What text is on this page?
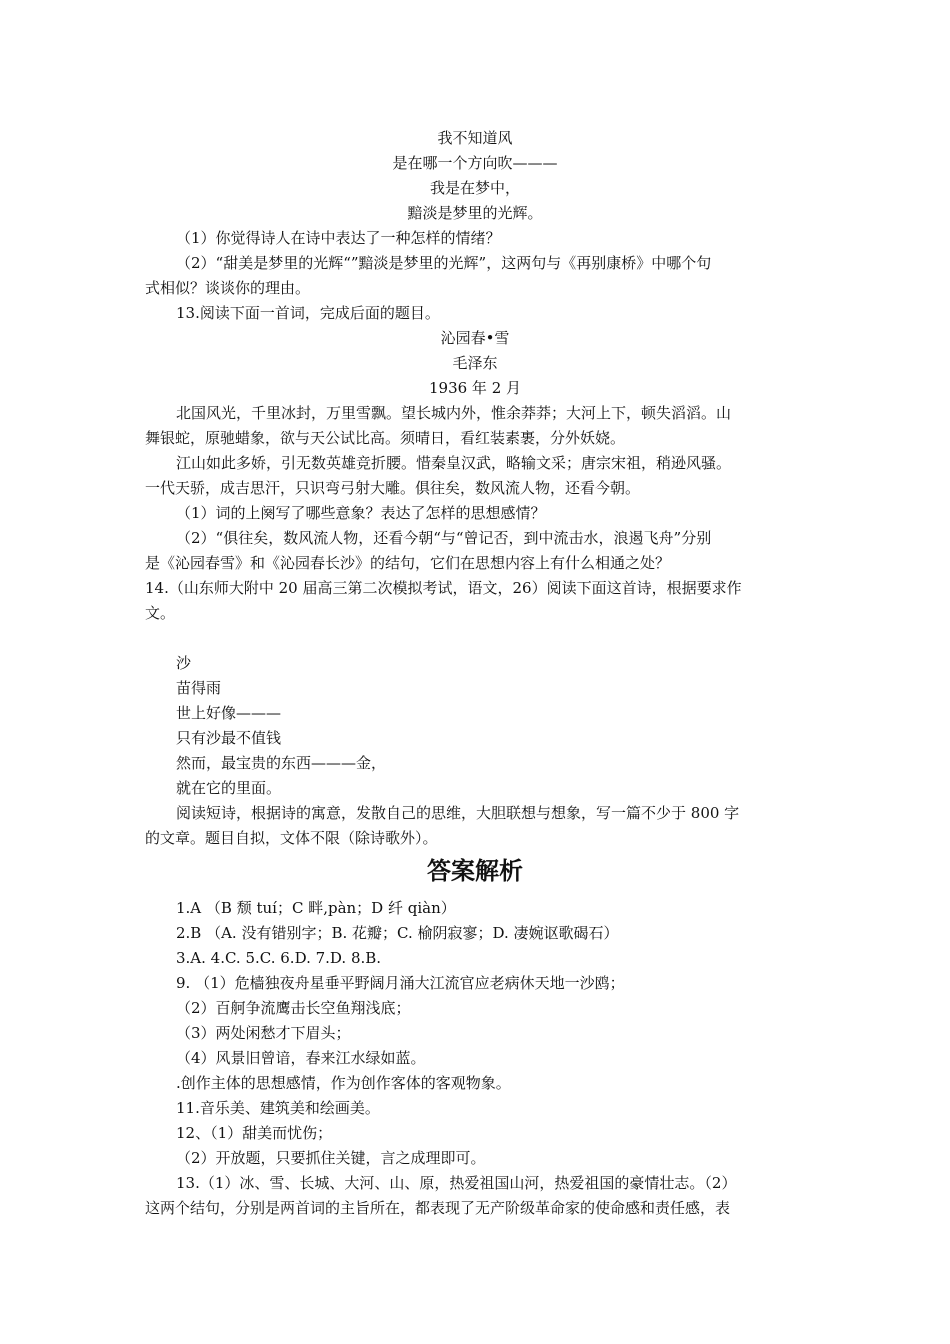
我不知道风
是在哪一个方向吹———
我是在梦中，
黯淡是梦里的光辉。
（1）你觉得诗人在诗中表达了一种怎样的情绪？
（2）“甜美是梦里的光辉“”黯淡是梦里的光辉”，这两句与《再别康桥》中哪个句
式相似？谈谈你的理由。
13.阅读下面一首词，完成后面的题目。
沁园春•雪
毛泽东
1936 年 2 月
北国风光，千里冰封，万里雪飘。望长城内外，惟余莽莽；大河上下，顿失滔滔。山
舞银蛇，原驰蜡象，欲与天公试比高。须晴日，看红装素裹，分外妖娆。
江山如此多娇，引无数英雄竞折腰。惜秦皇汉武，略输文采；唐宗宋祖，稍逊风骚。
一代天骄，成吉思汗，只识弯弓射大雕。俱往矣，数风流人物，还看今朝。
（1）词的上阕写了哪些意象？表达了怎样的思想感情？
（2）“俱往矣，数风流人物，还看今朝“与“曾记否，到中流击水，浪遏飞舟”分别
是《沁园春雪》和《沁园春长沙》的结句，它们在思想内容上有什么相通之处？
14.（山东师大附中 20 届高三第二次模拟考试，语文，26）阅读下面这首诗，根据要求作
文。
沙
苗得雨
世上好像———
只有沙最不值钱
然而，最宝贵的东西———金，
就在它的里面。
阅读短诗，根据诗的寓意，发散自己的思维，大胆联想与想象，写一篇不少于 800 字
的文章。题目自拟，文体不限（除诗歌外）。
答案解析
1.A （B 颓 tuí；C 畔,pàn；D 纤 qiàn）
2.B （A. 没有错别字；B. 花瓣；C. 榆阴寂寥；D. 凄婉讴歌碣石）
3.A. 4.C. 5.C. 6.D. 7.D. 8.B.
9. （1）危樯独夜舟星垂平野阔月涌大江流官应老病休天地一沙鸥；
（2）百舸争流鹰击长空鱼翔浅底；
（3）两处闲愁才下眉头；
（4）风景旧曾谙，春来江水绿如蓝。
.创作主体的思想感情，作为创作客体的客观物象。
11.音乐美、建筑美和绘画美。
12、（1）甜美而忧伤；
（2）开放题，只要抓住关键，言之成理即可。
13.（1）冰、雪、长城、大河、山、原，热爱祖国山河，热爱祖国的豪情壮志。（2）
这两个结句，分别是两首词的主旨所在，都表现了无产阶级革命家的使命感和责任感，表
